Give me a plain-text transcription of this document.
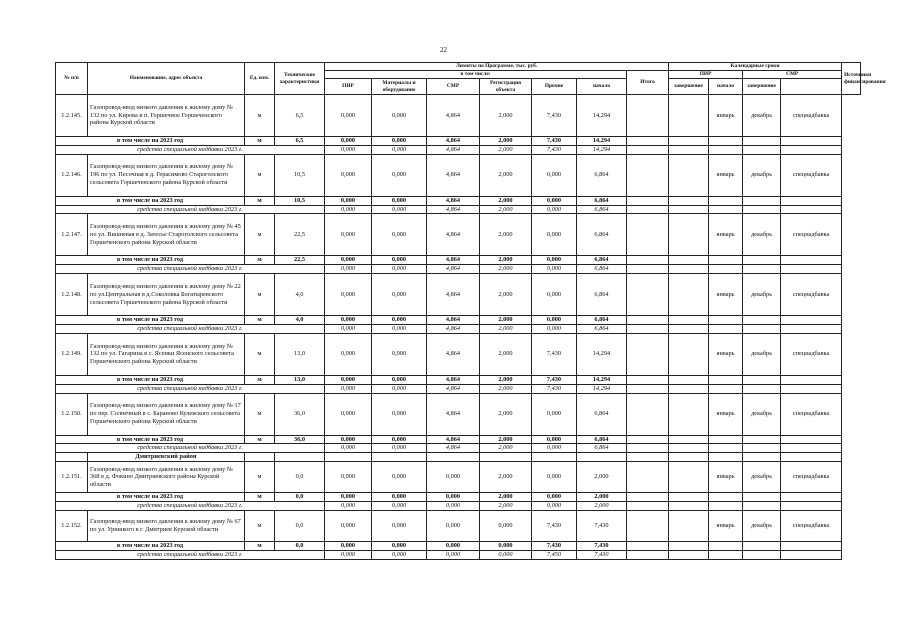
22
№ п/п	Наименование, адрес объекта	Ед. изм.	Технические характеристики	Лимиты по Программе, тыс. руб.							Календарные сроки				Источники финансирования
				в том числе:						Итого	ПИР		СМР		
				ПИР	Материалы и оборудование	СМР	Регистрация объекта	Прочие	начало		завершение	начало	завершение		
1.2.145.	Газопровод-ввод низкого давления к жилому дому № 132 по ул. Кирова в п. Горшечное Горшеченского района Курской области	м	6,5	0,000	0,000	4,864	2,000	7,430	14,294			январь	декабрь	спецнадбавка	
в том числе на 2023 год		м	6,5	0,000	0,000	4,864	2,000	7,430	14,294						
средства специальной надбавки 2023 г.				0,000	0,000	4,864	2,000	7,430	14,294						
1.2.146.	Газопровод-ввод низкого давления к жилому дому № 196 по ул. Песочная в д. Герасимово Староголского сельсовета Горшеченского района Курской области	м	10,5	0,000	0,000	4,864	2,000	0,000	6,864			январь	декабрь	спецнадбавка	
в том числе на 2023 год		м	10,5	0,000	0,000	4,864	2,000	0,000	6,864						
средства специальной надбавки 2023 г.				0,000	0,000	4,864	2,000	0,000	6,864						
1.2.147.	Газопровод-ввод низкого давления к жилому дому № 45 по ул. Вишневая в д. Затесье Староголского сельсовета Горшеченского района Курской области	м	22,5	0,000	0,000	4,864	2,000	0,000	6,864			январь	декабрь	спецнадбавка	
в том числе на 2023 год		м	22,5	0,000	0,000	4,864	2,000	0,000	6,864						
средства специальной надбавки 2023 г.				0,000	0,000	4,864	2,000	0,000	6,864						
1.2.148.	Газопровод-ввод низкого давления к жилому дому № 22 по ул.Центральная в д.Соколовка Богатыревского сельсовета Горшеченского района Курской области	м	4,0	0,000	0,000	4,864	2,000	0,000	6,864			январь	декабрь	спецнадбавка	
в том числе на 2023 год		м	4,0	0,000	0,000	4,864	2,000	0,000	6,864						
средства специальной надбавки 2023 г.				0,000	0,000	4,864	2,000	0,000	6,864						
1.2.149.	Газопровод-ввод низкого давления к жилому дому № 132 по ул. Гагарина в с. Ясенки Ясенского сельсовета Горшеченского района Курской области	м	13,0	0,000	0,000	4,864	2,000	7,430	14,294			январь	декабрь	спецнадбавка	
в том числе на 2023 год		м	13,0	0,000	0,000	4,864	2,000	7,430	14,294						
средства специальной надбавки 2023 г.				0,000	0,000	4,864	2,000	7,430	14,294						
1.2.150.	Газопровод-ввод низкого давления к жилому дому № 17 по пер. Солнечный в с. Бараново Кулевского сельсовета Горшеченского района Курской области	м	36,0	0,000	0,000	4,864	2,000	0,000	6,864			январь	декабрь	спецнадбавка	
в том числе на 2023 год		м	36,0	0,000	0,000	4,864	2,000	0,000	6,864						
средства специальной надбавки 2023 г.				0,000	0,000	4,864	2,000	0,000	6,864						
	Дмитриевский район														
1.2.151.	Газопровод-ввод низкого давления к жилому дому № 368 в д. Фокино Дмитриевского района Курской области	м	0,0	0,000	0,000	0,000	2,000	0,000	2,000			январь	декабрь	спецнадбавка	
в том числе на 2023 год		м	0,0	0,000	0,000	0,000	2,000	0,000	2,000						
средства специальной надбавки 2023 г.				0,000	0,000	0,000	2,000	0,000	2,000						
1.2.152.	Газопровод-ввод низкого давления к жилому дому № 67 по ул. Уришкого в г. Дмитриев Курской области	м	0,0	0,000	0,000	0,000	0,000	7,430	7,430			январь	декабрь	спецнадбавка	
в том числе на 2023 год		м	0,0	0,000	0,000	0,000	0,000	7,430	7,430						
средства специальной надбавки 2023 г.				0,000	0,000	0,000	0,000	7,450	7,430						
